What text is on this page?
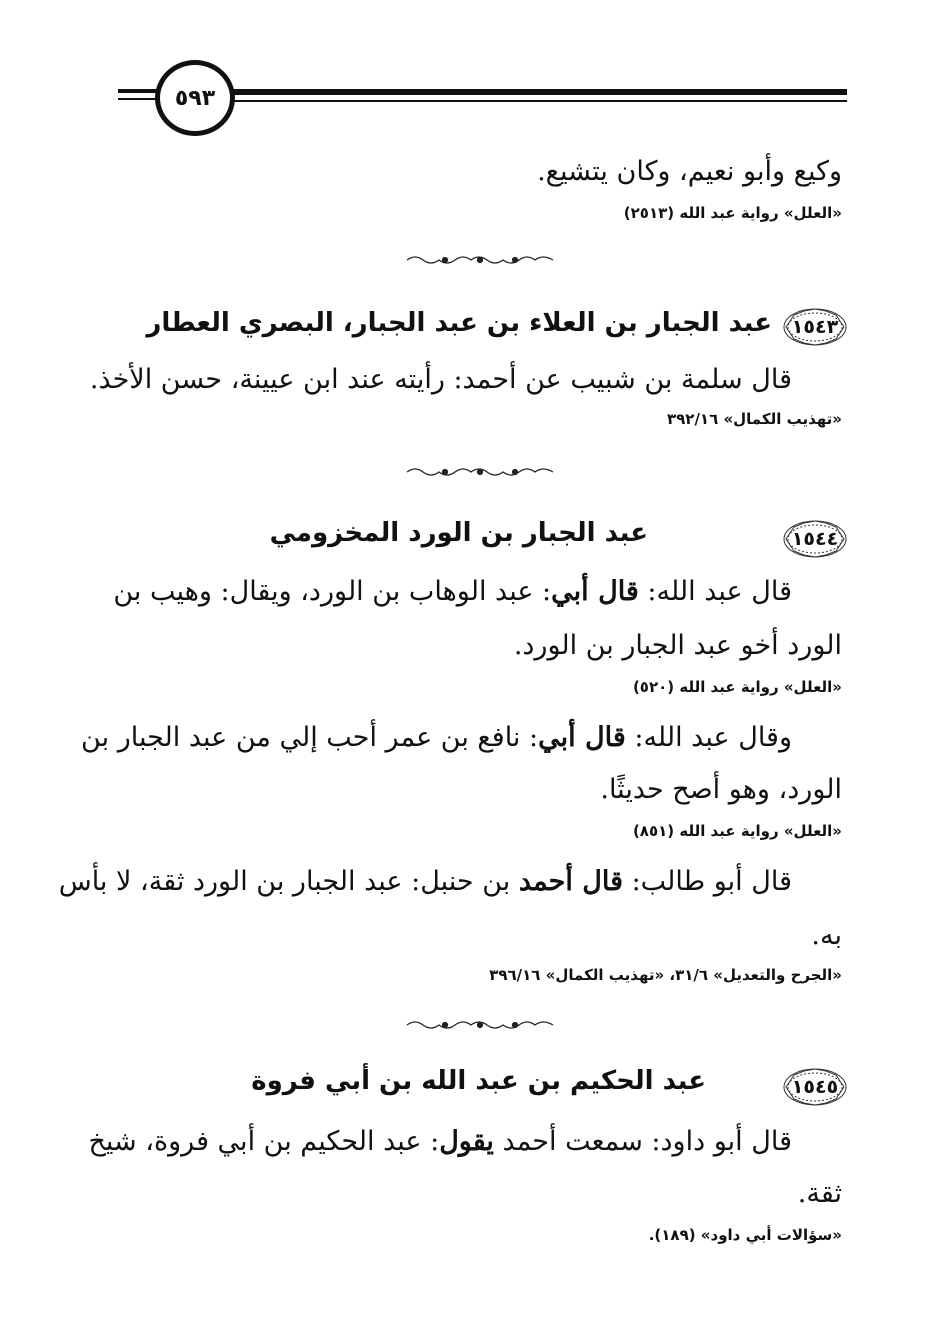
٥٩٣
وكيع وأبو نعيم، وكان يتشيع.
«العلل» رواية عبد الله (٢٥١٣)
١٥٤٣
عبد الجبار بن العلاء بن عبد الجبار، البصري العطار
قال سلمة بن شبيب عن أحمد: رأيته عند ابن عيينة، حسن الأخذ.
«تهذيب الكمال» ٣٩٢/١٦
١٥٤٤
عبد الجبار بن الورد المخزومي
قال عبد الله: قال أبي: عبد الوهاب بن الورد، ويقال: وهيب بن
الورد أخو عبد الجبار بن الورد.
«العلل» رواية عبد الله (٥٢٠)
وقال عبد الله: قال أبي: نافع بن عمر أحب إلي من عبد الجبار بن
الورد، وهو أصح حديثًا.
«العلل» رواية عبد الله (٨٥١)
قال أبو طالب: قال أحمد بن حنبل: عبد الجبار بن الورد ثقة، لا بأس
به.
«الجرح والتعديل» ٣١/٦، «تهذيب الكمال» ٣٩٦/١٦
١٥٤٥
عبد الحكيم بن عبد الله بن أبي فروة
قال أبو داود: سمعت أحمد يقول: عبد الحكيم بن أبي فروة، شيخ
ثقة.
«سؤالات أبي داود» (١٨٩).
